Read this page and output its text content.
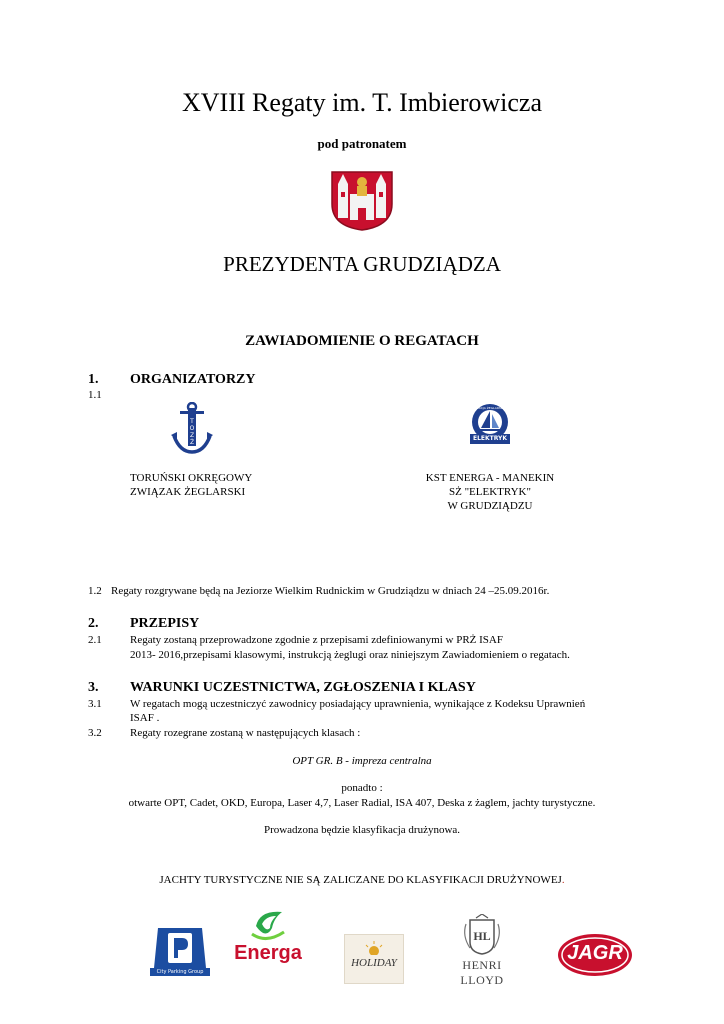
XVIII Regaty im. T. Imbierowicza
pod patronatem
PREZYDENTA GRUDZIĄDZA
ZAWIADOMIENIE O REGATACH
1. ORGANIZATORZY
1.1
T
O
Z
Ż
SEKCJA ŻEGLARSKA
ELEKTRYK
TORUŃSKI OKRĘGOWY
ZWIĄZAK ŻEGLARSKI
KST ENERGA - MANEKIN
SŻ "ELEKTRYK"
W GRUDZIĄDZU
1.2 Regaty rozgrywane będą na Jeziorze Wielkim Rudnickim w Grudziądzu w dniach 24 –25.09.2016r.
2. PRZEPISY
2.1	Regaty zostaną przeprowadzone zgodnie z przepisami zdefiniowanymi w PRŻ ISAF
2013- 2016,przepisami klasowymi, instrukcją żeglugi oraz niniejszym Zawiadomieniem o regatach.
3. WARUNKI UCZESTNICTWA, ZGŁOSZENIA I KLASY
3.1	W regatach mogą uczestniczyć zawodnicy posiadający uprawnienia, wynikające z Kodeksu Uprawnień
ISAF .
3.2	Regaty rozegrane zostaną w następujących klasach :
OPT GR. B - impreza centralna
ponadto :
otwarte OPT, Cadet, OKD, Europa, Laser 4,7, Laser Radial, ISA 407, Deska z żaglem, jachty turystyczne.
Prowadzona będzie klasyfikacja drużynowa.
JACHTY TURYSTYCZNE NIE SĄ ZALICZANE DO KLASYFIKACJI DRUŻYNOWEJ.
City Parking Group
Energa	HOLIDAY
HL
HENRI LLOYD
JAGR
